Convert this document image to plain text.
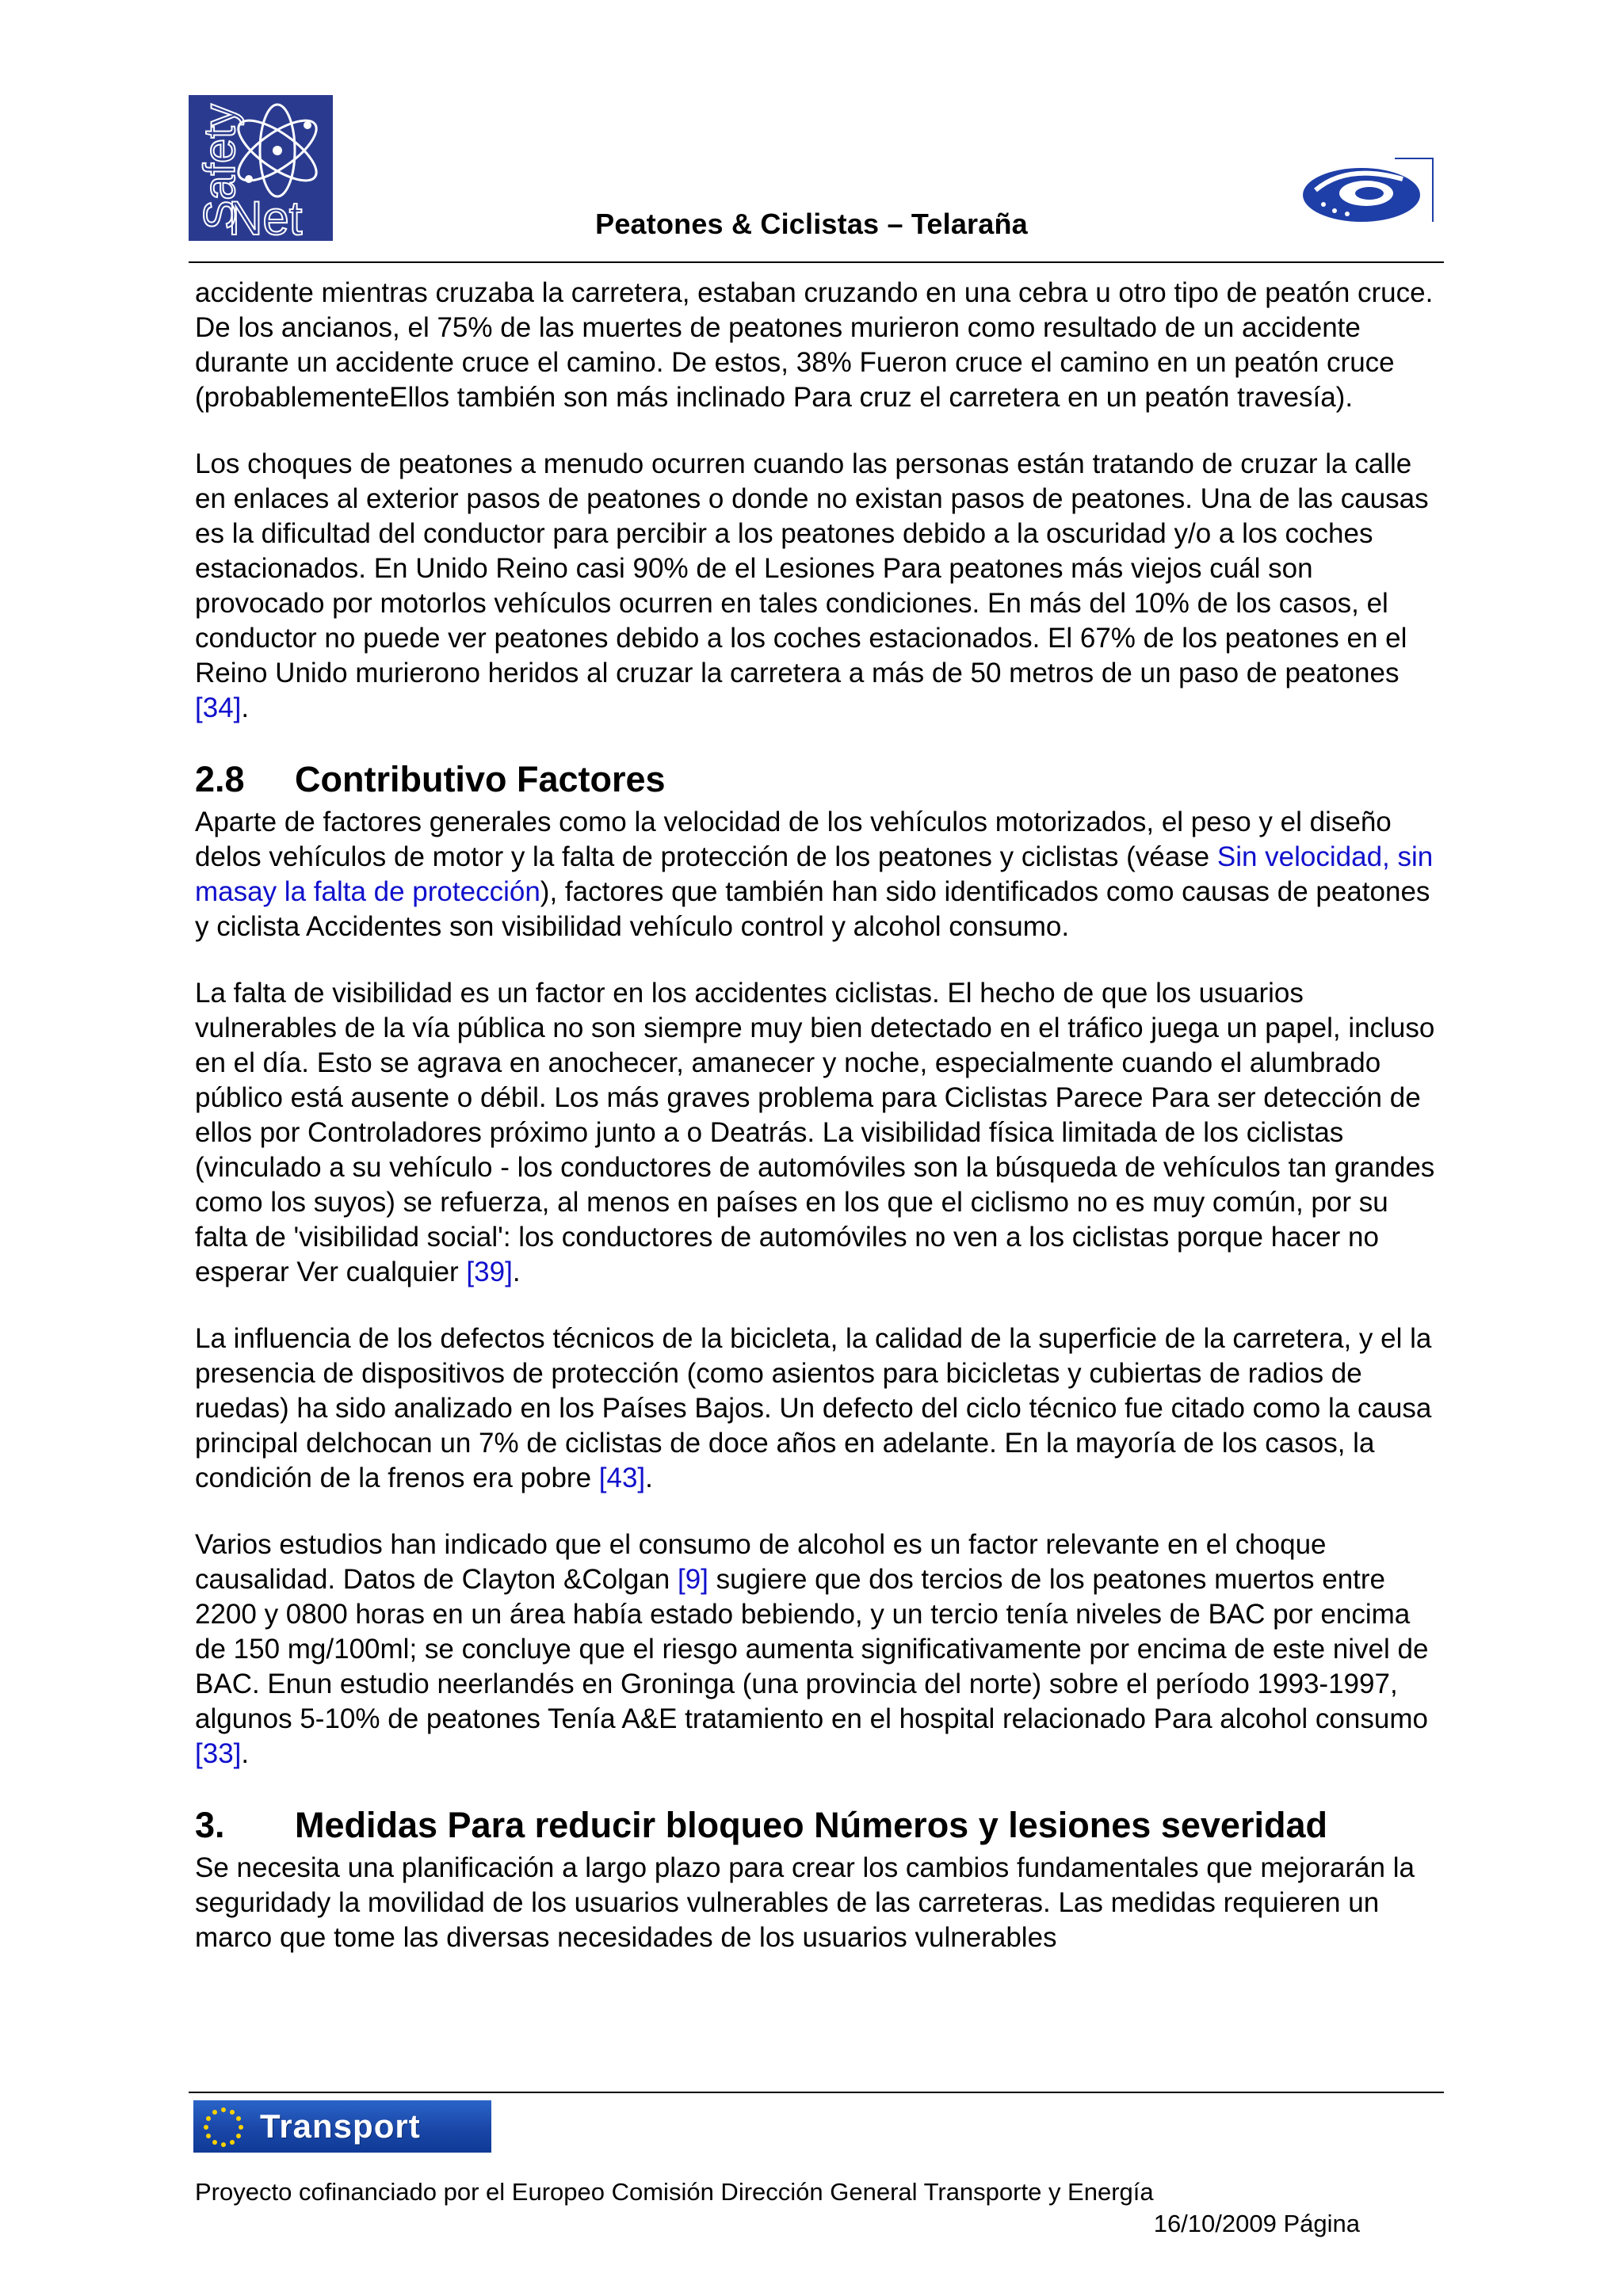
Safety
Net	Peatones & Ciclistas – Telaraña

accidente mientras cruzaba la carretera, estaban cruzando en una cebra u otro tipo de peatón cruce. De los ancianos, el 75% de las muertes de peatones murieron como resultado de un accidente durante un accidente cruce el camino. De estos, 38% Fueron cruce el camino en un peatón cruce (probablementeEllos también son más inclinado Para cruz el carretera en un peatón travesía).

Los choques de peatones a menudo ocurren cuando las personas están tratando de cruzar la calle en enlaces al exterior pasos de peatones o donde no existan pasos de peatones. Una de las causas es la dificultad del conductor para percibir a los peatones debido a la oscuridad y/o a los coches estacionados. En Unido Reino casi 90% de el Lesiones Para peatones más viejos cuál son provocado por motorlos vehículos ocurren en tales condiciones. En más del 10% de los casos, el conductor no puede ver peatones debido a los coches estacionados. El 67% de los peatones en el Reino Unido murierono heridos al cruzar la carretera a más de 50 metros de un paso de peatones [34].

2.8 Contributivo Factores

Aparte de factores generales como la velocidad de los vehículos motorizados, el peso y el diseño delos vehículos de motor y la falta de protección de los peatones y ciclistas (véase Sin velocidad, sin masay la falta de protección), factores que también han sido identificados como causas de peatones y ciclista Accidentes son visibilidad vehículo control y alcohol consumo.

La falta de visibilidad es un factor en los accidentes ciclistas. El hecho de que los usuarios vulnerables de la vía pública no son siempre muy bien detectado en el tráfico juega un papel, incluso en el día. Esto se agrava en anochecer, amanecer y noche, especialmente cuando el alumbrado público está ausente o débil. Los más graves problema para Ciclistas Parece Para ser detección de ellos por Controladores próximo junto a o Deatrás. La visibilidad física limitada de los ciclistas (vinculado a su vehículo - los conductores de automóviles son la búsqueda de vehículos tan grandes como los suyos) se refuerza, al menos en países en los que el ciclismo no es muy común, por su falta de 'visibilidad social': los conductores de automóviles no ven a los ciclistas porque hacer no esperar Ver cualquier [39].

La influencia de los defectos técnicos de la bicicleta, la calidad de la superficie de la carretera, y el la presencia de dispositivos de protección (como asientos para bicicletas y cubiertas de radios de ruedas) ha sido analizado en los Países Bajos. Un defecto del ciclo técnico fue citado como la causa principal delchocan un 7% de ciclistas de doce años en adelante. En la mayoría de los casos, la condición de la frenos era pobre [43].

Varios estudios han indicado que el consumo de alcohol es un factor relevante en el choque causalidad. Datos de Clayton &Colgan [9] sugiere que dos tercios de los peatones muertos entre 2200 y 0800 horas en un área había estado bebiendo, y un tercio tenía niveles de BAC por encima de 150 mg/100ml; se concluye que el riesgo aumenta significativamente por encima de este nivel de BAC. Enun estudio neerlandés en Groninga (una provincia del norte) sobre el período 1993-1997, algunos 5-10% de peatones Tenía A&E tratamiento en el hospital relacionado Para alcohol consumo [33].

3. Medidas Para reducir bloqueo Números y lesiones severidad

Se necesita una planificación a largo plazo para crear los cambios fundamentales que mejorarán la seguridady la movilidad de los usuarios vulnerables de las carreteras. Las medidas requieren un marco que tome las diversas necesidades de los usuarios vulnerables

Transport
Proyecto cofinanciado por el Europeo Comisión Dirección General Transporte y Energía
16/10/2009 Página
